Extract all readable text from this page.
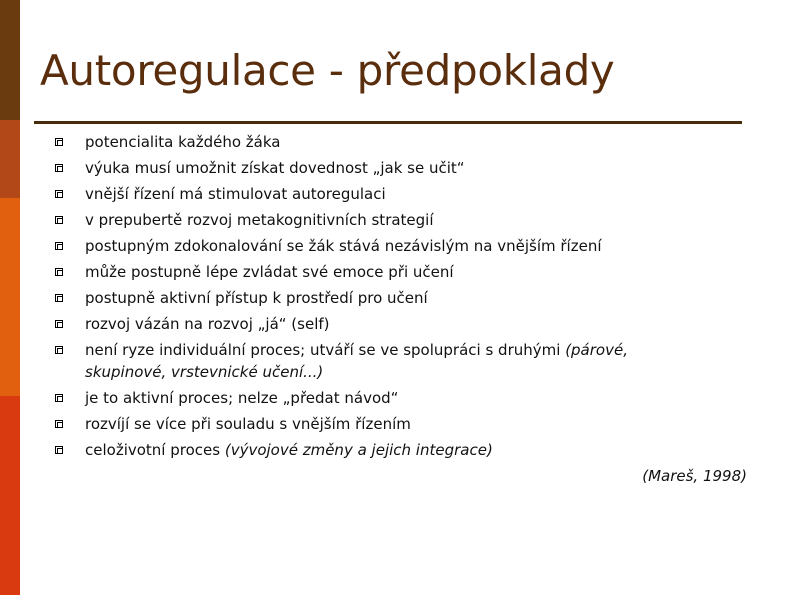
Autoregulace - předpoklady
potencialita každého žáka
výuka musí umožnit získat dovednost „jak se učit“
vnější řízení má stimulovat autoregulaci
v prepubertě rozvoj metakognitivních strategií
postupným zdokonalování se žák stává nezávislým na vnějším řízení
může postupně lépe zvládat své emoce při učení
postupně aktivní přístup k prostředí pro učení
rozvoj vázán na rozvoj „já“ (self)
není ryze individuální proces; utváří se ve spolupráci s druhými (párové, skupinové, vrstevnické učení...)
je to aktivní proces; nelze „předat návod“
rozvíjí se více při souladu s vnějším řízením
celoživotní proces (vývojové změny a jejich integrace)
(Mareš, 1998)
